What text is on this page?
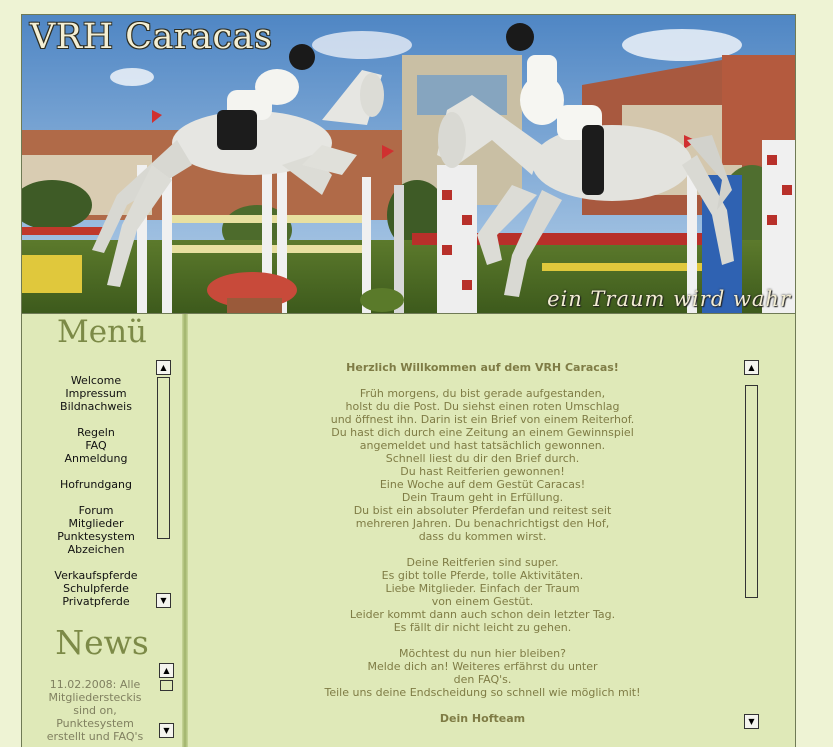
VRH Caracas
ein Traum wird wahr
Menü
Welcome
Impressum
Bildnachweis
Regeln
FAQ
Anmeldung
Hofrundgang
Forum
Mitglieder
Punktesystem
Abzeichen
Verkaufspferde
Schulpferde
Privatpferde
▲
▼
News
11.02.2008: Alle Mitgliedersteckis sind on, Punktesystem erstellt und FAQ's
▲
▼

Herzlich Willkommen auf dem VRH Caracas!

Früh morgens, du bist gerade aufgestanden,

holst du die Post. Du siehst einen roten Umschlag

und öffnest ihn. Darin ist ein Brief von einem Reiterhof.

Du hast dich durch eine Zeitung an einem Gewinnspiel

angemeldet und hast tatsächlich gewonnen.

Schnell liest du dir den Brief durch.

Du hast Reitferien gewonnen!

Eine Woche auf dem Gestüt Caracas!

Dein Traum geht in Erfüllung.

Du bist ein absoluter Pferdefan und reitest seit

mehreren Jahren. Du benachrichtigst den Hof,

dass du kommen wirst.

Deine Reitferien sind super.

Es gibt tolle Pferde, tolle Aktivitäten.

Liebe Mitglieder. Einfach der Traum

von einem Gestüt.

Leider kommt dann auch schon dein letzter Tag.

Es fällt dir nicht leicht zu gehen.

Möchtest du nun hier bleiben?

Melde dich an! Weiteres erfährst du unter

den FAQ's.

Teile uns deine Endscheidung so schnell wie möglich mit!

Dein Hofteam

▲
▼
